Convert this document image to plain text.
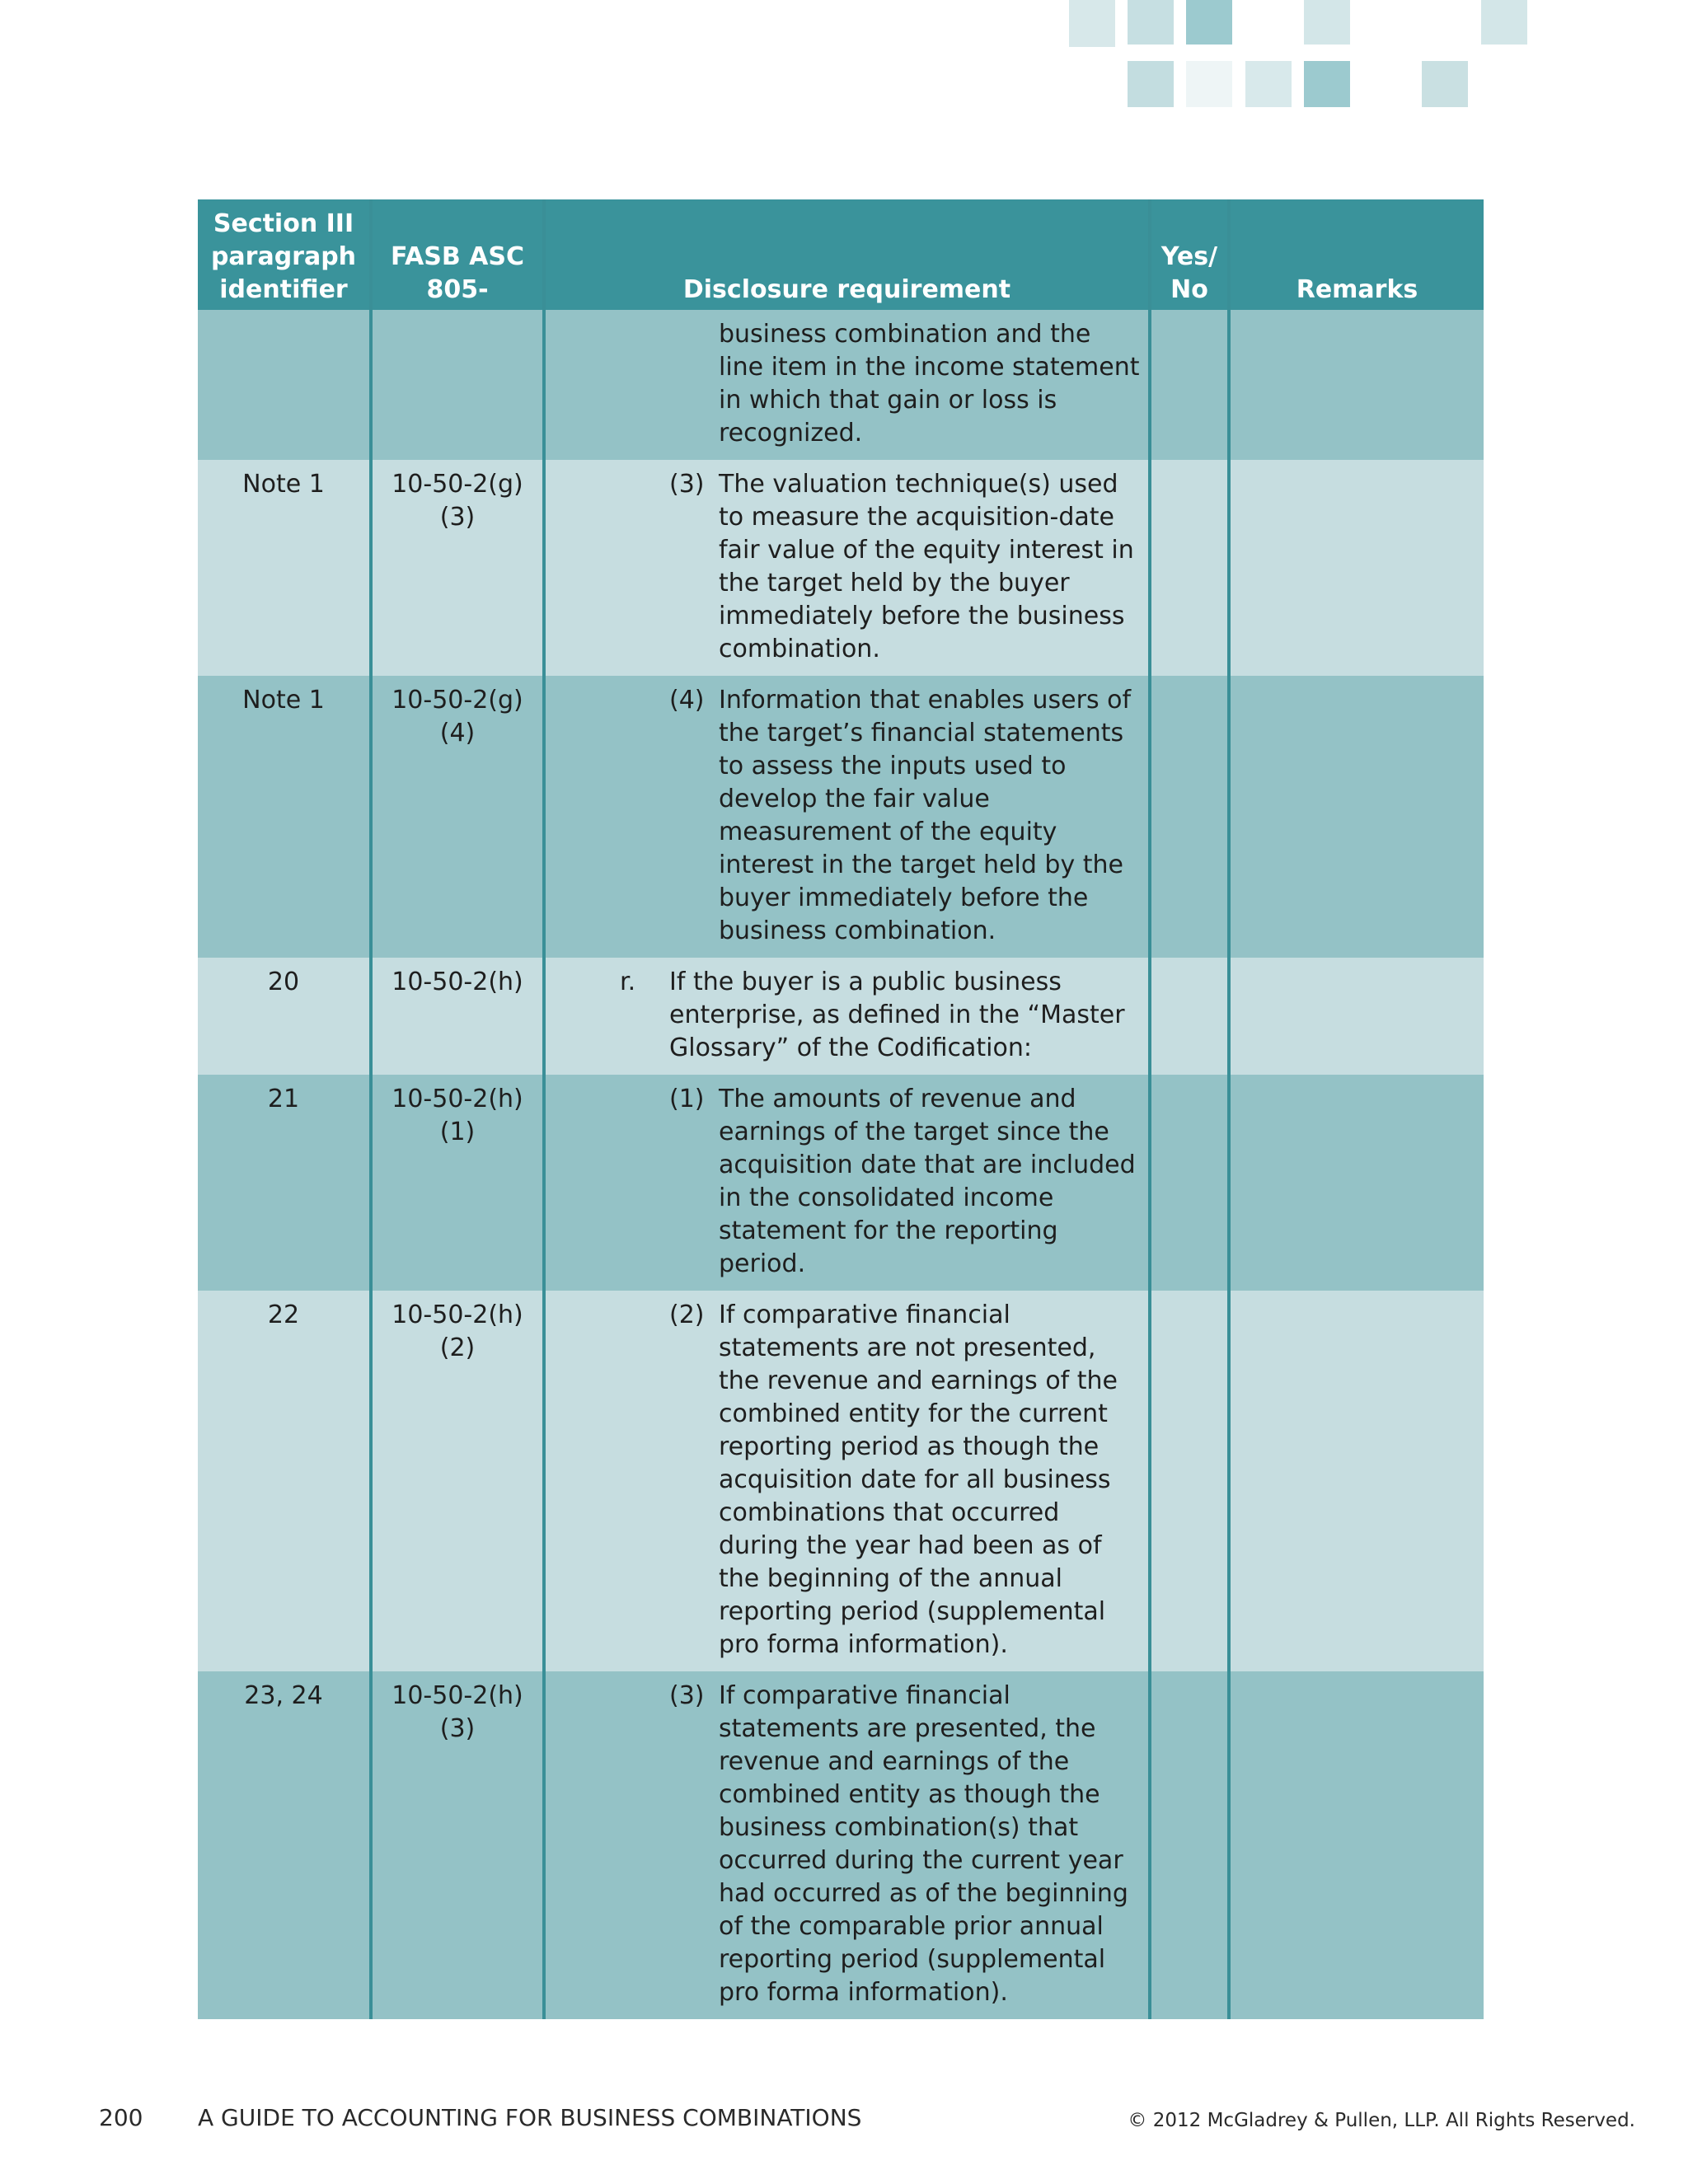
Section III paragraph identifier	FASB ASC 805-	Disclosure requirement	Yes/ No	Remarks

		business combination and the line item in the income statement in which that gain or loss is recognized.		

Note 1	10-50-2(g)(3)	(3) The valuation technique(s) used to measure the acquisition-date fair value of the equity interest in the target held by the buyer immediately before the business combination.		

Note 1	10-50-2(g)(4)	(4) Information that enables users of the target’s financial statements to assess the inputs used to develop the fair value measurement of the equity interest in the target held by the buyer immediately before the business combination.		

20	10-50-2(h)	r. If the buyer is a public business enterprise, as defined in the “Master Glossary” of the Codification:		

21	10-50-2(h)(1)	(1) The amounts of revenue and earnings of the target since the acquisition date that are included in the consolidated income statement for the reporting period.		

22	10-50-2(h)(2)	(2) If comparative financial statements are not presented, the revenue and earnings of the combined entity for the current reporting period as though the acquisition date for all business combinations that occurred during the year had been as of the beginning of the annual reporting period (supplemental pro forma information).		

23, 24	10-50-2(h)(3)	(3) If comparative financial statements are presented, the revenue and earnings of the combined entity as though the business combination(s) that occurred during the current year had occurred as of the beginning of the comparable prior annual reporting period (supplemental pro forma information).		

200 A GUIDE TO ACCOUNTING FOR BUSINESS COMBINATIONS	© 2012 McGladrey & Pullen, LLP. All Rights Reserved.
